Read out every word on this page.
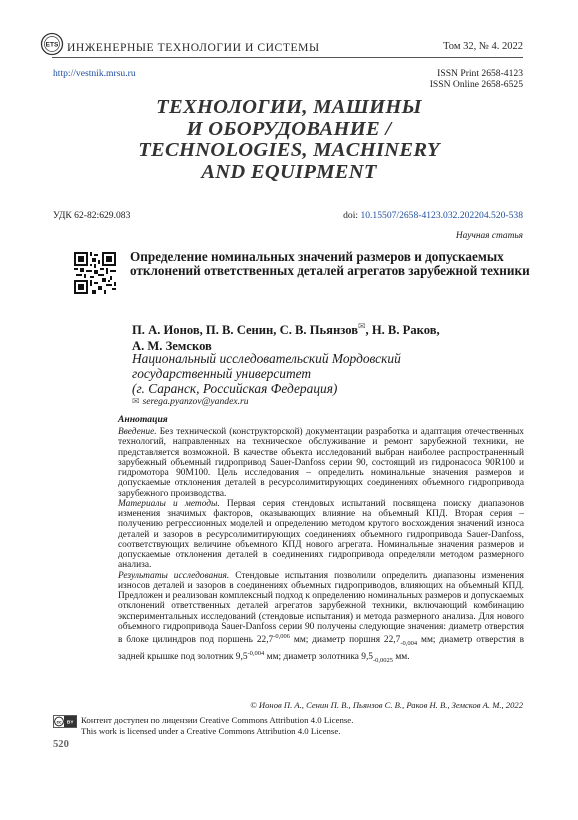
ETS ИНЖЕНЕРНЫЕ ТЕХНОЛОГИИ И СИСТЕМЫ	Том 32, № 4. 2022
http://vestnik.mrsu.ru	ISSN Print 2658-4123
ISSN Online 2658-6525
ТЕХНОЛОГИИ, МАШИНЫ
И ОБОРУДОВАНИЕ /
TECHNOLOGIES, MACHINERY
AND EQUIPMENT
УДК 62-82:629.083	doi: 10.15507/2658-4123.032.202204.520-538
Научная статья
Определение номинальных значений размеров и допускаемых отклонений ответственных деталей агрегатов зарубежной техники
П. А. Ионов, П. В. Сенин, С. В. Пьянзов✉, Н. В. Раков,
А. М. Земсков
Национальный исследовательский Мордовский
государственный университет
(г. Саранск, Российская Федерация)
✉ serega.pyanzov@yandex.ru
Аннотация

Введение. Без технической (конструкторской) документации разработка и адаптация отечественных технологий, направленных на техническое обслуживание и ремонт зарубежной техники, не представляется возможной. В качестве объекта исследований выбран наиболее распространенный зарубежный объемный гидропривод Sauer-Danfoss серии 90, состоящий из гидронасоса 90R100 и гидромотора 90M100. Цель исследования – определить номинальные значения размеров и допускаемые отклонения деталей в ресурсолимитирующих соединениях объемного гидропривода зарубежного производства.

Материалы и методы. Первая серия стендовых испытаний посвящена поиску диапазонов изменения значимых факторов, оказывающих влияние на объемный КПД. Вторая серия – получению регрессионных моделей и определению методом крутого восхождения значений износа деталей и зазоров в ресурсолимитирующих соединениях объемного гидропривода Sauer-Danfoss, соответствующих величине объемного КПД нового агрегата. Номинальные значения размеров и допускаемые отклонения деталей в соединениях гидропривода определяли методом размерного анализа.

Результаты исследования. Стендовые испытания позволили определить диапазоны изменения износов деталей и зазоров в соединениях объемных гидроприводов, влияющих на объемный КПД. Предложен и реализован комплексный подход к определению номинальных размеров и допускаемых отклонений ответственных деталей агрегатов зарубежной техники, включающий комбинацию экспериментальных исследований (стендовые испытания) и метода размерного анализа. Для нового объемного гидропривода Sauer-Danfoss серии 90 получены следующие значения: диаметр отверстия в блоке цилиндров под поршень $22,7^{-0,006}$ мм; диаметр поршня $22,7_{-0,004}$ мм; диаметр отверстия в задней крышке под золотник $9,5^{-0,004}$ мм; диаметр золотника $9,5_{-0,0025}$ мм.

© Ионов П. А., Сенин П. В., Пьянзов С. В., Раков Н. В., Земсков А. М., 2022
cc BY Контент доступен по лицензии Creative Commons Attribution 4.0 License.
This work is licensed under a Creative Commons Attribution 4.0 License.
520
